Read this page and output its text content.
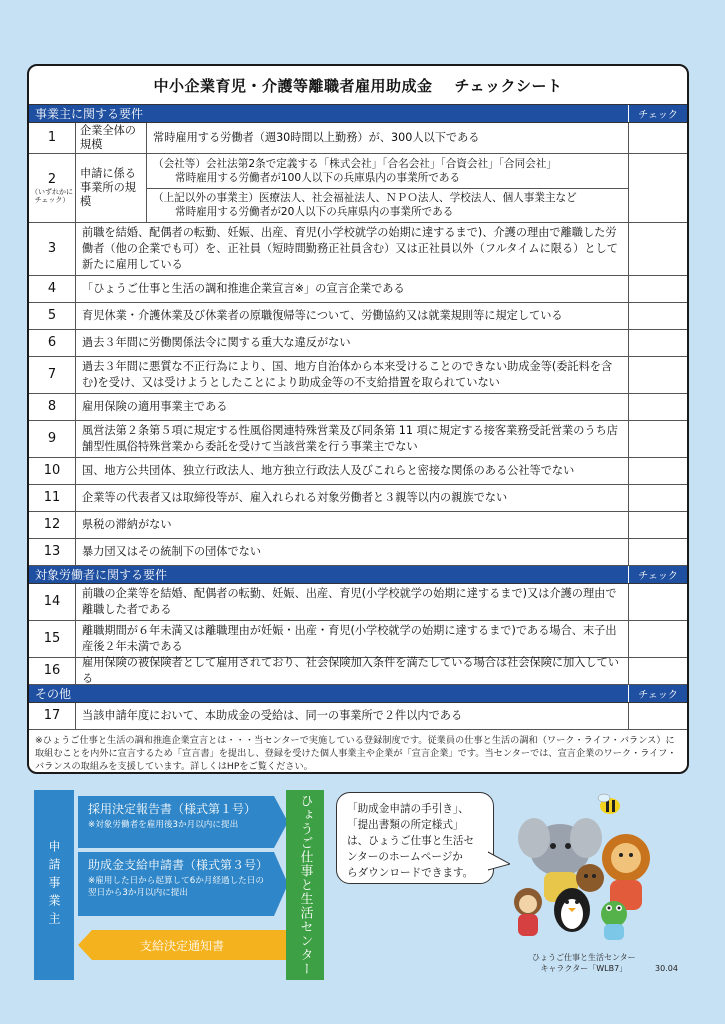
中小企業育児・介護等離職者雇用助成金 チェックシート
事業主に関する要件	チェック
1	企業全体の規模
常時雇用する労働者（週30時間以上勤務）が、300人以下である
2
（いずれかにチェック）
申請に係る事業所の規模
（会社等）会社法第2条で定義する「株式会社」「合名会社」「合資会社」「合同会社」
常時雇用する労働者が100人以下の兵庫県内の事業所である
（上記以外の事業主）医療法人、社会福祉法人、ＮＰＯ法人、学校法人、個人事業主など
常時雇用する労働者が20人以下の兵庫県内の事業所である
3
前職を結婚、配偶者の転勤、妊娠、出産、育児(小学校就学の始期に達するまで)、介護の理由で離職した労働者（他の企業でも可）を、正社員（短時間勤務正社員含む）又は正社員以外（フルタイムに限る）として新たに雇用している
4	「ひょうご仕事と生活の調和推進企業宣言※」の宣言企業である
5	育児休業・介護休業及び休業者の原職復帰等について、労働協約又は就業規則等に規定している
6	過去３年間に労働関係法令に関する重大な違反がない
7
過去３年間に悪質な不正行為により、国、地方自治体から本来受けることのできない助成金等(委託料を含む)を受け、又は受けようとしたことにより助成金等の不支給措置を取られていない
8	雇用保険の適用事業主である
9
風営法第２条第５項に規定する性風俗関連特殊営業及び同条第 11 項に規定する接客業務受託営業のうち店舗型性風俗特殊営業から委託を受けて当該営業を行う事業主でない
10	国、地方公共団体、独立行政法人、地方独立行政法人及びこれらと密接な関係のある公社等でない
11	企業等の代表者又は取締役等が、雇入れられる対象労働者と３親等以内の親族でない
12	県税の滞納がない
13	暴力団又はその統制下の団体でない
対象労働者に関する要件	チェック
14
前職の企業等を結婚、配偶者の転勤、妊娠、出産、育児(小学校就学の始期に達するまで)又は介護の理由で離職した者である
15
離職期間が６年未満又は離職理由が妊娠・出産・育児(小学校就学の始期に達するまで)である場合、末子出産後２年未満である
16
雇用保険の被保険者として雇用されており、社会保険加入条件を満たしている場合は社会保険に加入している
その他	チェック
17	当該申請年度において、本助成金の受給は、同一の事業所で２件以内である
※ひょうご仕事と生活の調和推進企業宣言とは・・・当センターで実施している登録制度です。従業員の仕事と生活の調和（ワーク・ライフ・バランス）に取組むことを内外に宣言するため「宣言書」を提出し、登録を受けた個人事業主や企業が「宣言企業」です。当センターでは、宣言企業のワーク・ライフ・バランスの取組みを支援しています。詳しくはHPをご覧ください。
申請事業主
採用決定報告書（様式第１号）
※対象労働者を雇用後3か月以内に提出
助成金支給申請書（様式第３号）
※雇用した日から起算して6か月経過した日の翌日から3か月以内に提出
支給決定通知書	ひょうご仕事と生活センター	「助成金申請の手引き」、
「提出書類の所定様式」
は、ひょうご仕事と生活セ
ンターのホームページか
らダウンロードできます。
ひょうご仕事と生活センター
キャラクター「WLB7」	30.04
